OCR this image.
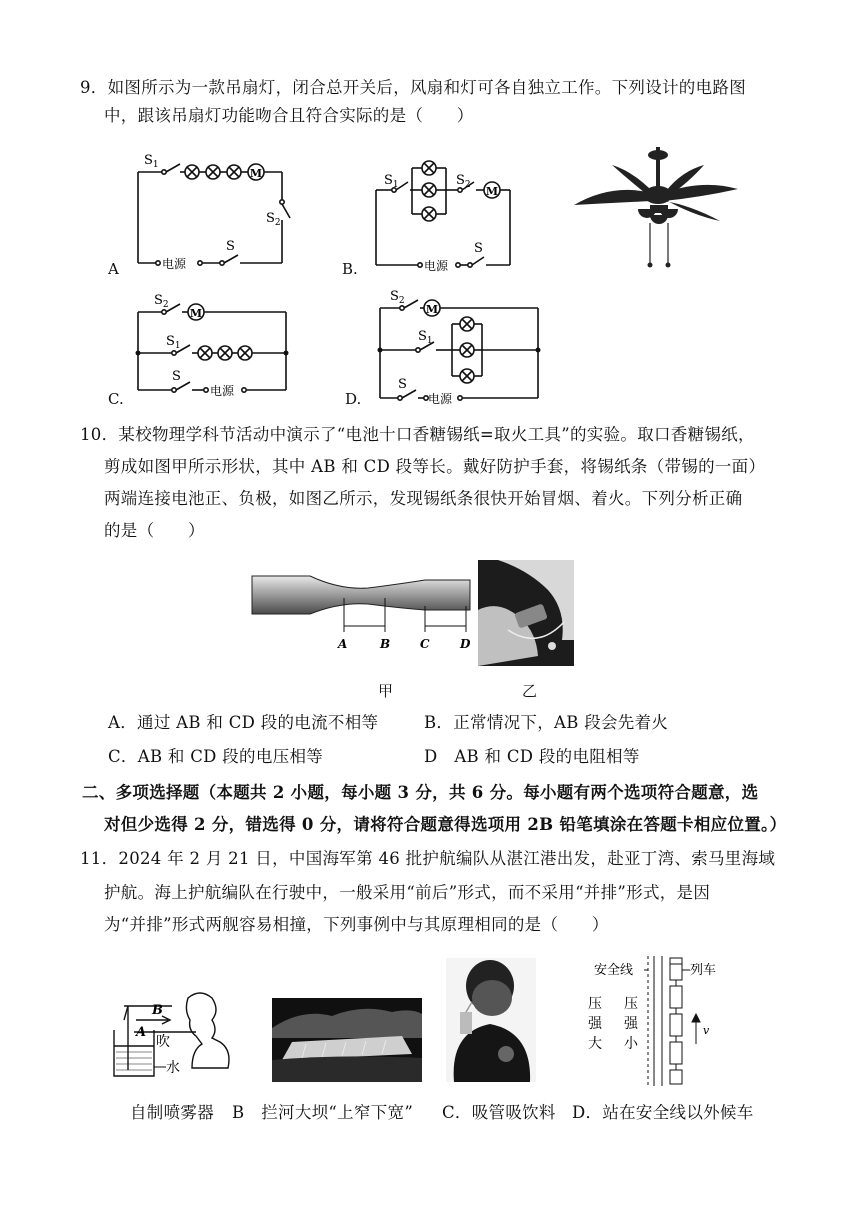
9．如图所示为一款吊扇灯，闭合总开关后，风扇和灯可各自独立工作。下列设计的电路图
中，跟该吊扇灯功能吻合且符合实际的是（　　）
M
$S_1$
$S_2$
S
电源
A
M
$S_1$	$S_2$
S
电源
B.
M
$S_2$
$S_1$
S
电源
C.
M
$S_2$
$S_1$
S
电源
D.
10．某校物理学科节活动中演示了“电池十口香糖锡纸=取火工具”的实验。取口香糖锡纸，
剪成如图甲所示形状，其中 AB 和 CD 段等长。戴好防护手套，将锡纸条（带锡的一面）
两端连接电池正、负极，如图乙所示，发现锡纸条很快开始冒烟、着火。下列分析正确
的是（　　）
A	B C	D
甲	乙
A．通过 AB 和 CD 段的电流不相等	B．正常情况下，AB 段会先着火
C．AB 和 CD 段的电压相等	D　AB 和 CD 段的电阻相等
二、多项选择题（本题共 2 小题，每小题 3 分，共 6 分。每小题有两个选项符合题意，选
对但少选得 2 分，错选得 0 分，请将符合题意得选项用 2B 铅笔填涂在答题卡相应位置。）
11．2024 年 2 月 21 日，中国海军第 46 批护航编队从湛江港出发，赴亚丁湾、索马里海域
护航。海上护航编队在行驶中，一般采用“前后”形式，而不采用“并排”形式，是因
为“并排”形式两舰容易相撞，下列事例中与其原理相同的是（　　）
B
A
吹
水
安全线	列车
v
压
强
大
压
强
小
自制喷雾器 B　拦河大坝“上窄下宽” C．吸管吸饮料 D．站在安全线以外候车
